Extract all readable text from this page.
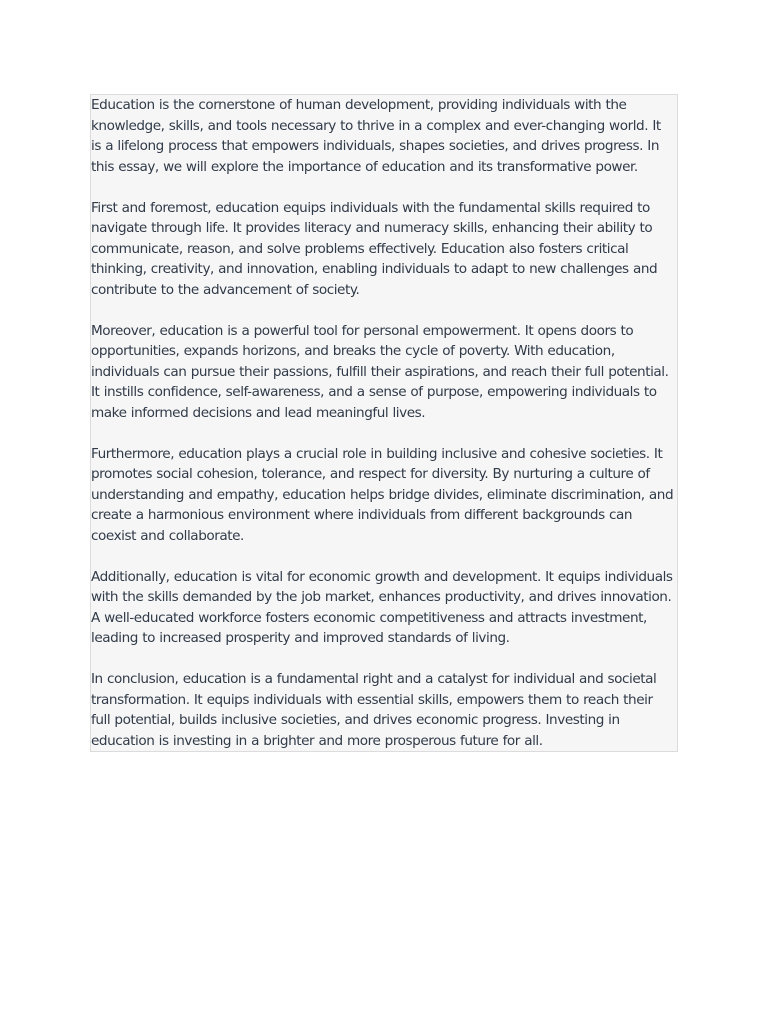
Education is the cornerstone of human development, providing individuals with the knowledge, skills, and tools necessary to thrive in a complex and ever-changing world. It is a lifelong process that empowers individuals, shapes societies, and drives progress. In this essay, we will explore the importance of education and its transformative power.

First and foremost, education equips individuals with the fundamental skills required to navigate through life. It provides literacy and numeracy skills, enhancing their ability to communicate, reason, and solve problems effectively. Education also fosters critical thinking, creativity, and innovation, enabling individuals to adapt to new challenges and contribute to the advancement of society.

Moreover, education is a powerful tool for personal empowerment. It opens doors to opportunities, expands horizons, and breaks the cycle of poverty. With education, individuals can pursue their passions, fulfill their aspirations, and reach their full potential. It instills confidence, self-awareness, and a sense of purpose, empowering individuals to make informed decisions and lead meaningful lives.

Furthermore, education plays a crucial role in building inclusive and cohesive societies. It promotes social cohesion, tolerance, and respect for diversity. By nurturing a culture of understanding and empathy, education helps bridge divides, eliminate discrimination, and create a harmonious environment where individuals from different backgrounds can coexist and collaborate.

Additionally, education is vital for economic growth and development. It equips individuals with the skills demanded by the job market, enhances productivity, and drives innovation. A well-educated workforce fosters economic competitiveness and attracts investment, leading to increased prosperity and improved standards of living.

In conclusion, education is a fundamental right and a catalyst for individual and societal transformation. It equips individuals with essential skills, empowers them to reach their full potential, builds inclusive societies, and drives economic progress. Investing in education is investing in a brighter and more prosperous future for all.
